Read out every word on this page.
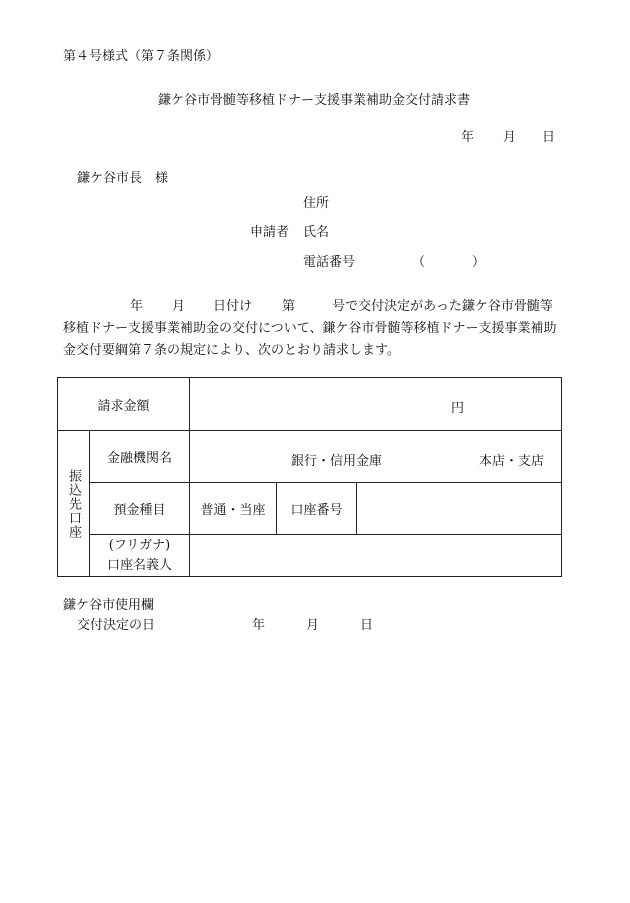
第４号様式（第７条関係）
鎌ケ谷市骨髄等移植ドナー支援事業補助金交付請求書
年 月 日
鎌ケ谷市長　様
住所
申請者 氏名
電話番号	（	）
年 月 日付け 第	号で交付決定があった鎌ケ谷市骨髄等
移植ドナー支援事業補助金の交付について、鎌ケ谷市骨髄等移植ドナー支援事業補助
金交付要綱第７条の規定により、次のとおり請求します。
請求金額		円		

振込先口座	金融機関名	銀行・信用金庫 本店・支店		

	預金種目	普通・当座	口座番号	

	(フリガナ)
口座名義人			

鎌ケ谷市使用欄
交付決定の日	年	月	日
